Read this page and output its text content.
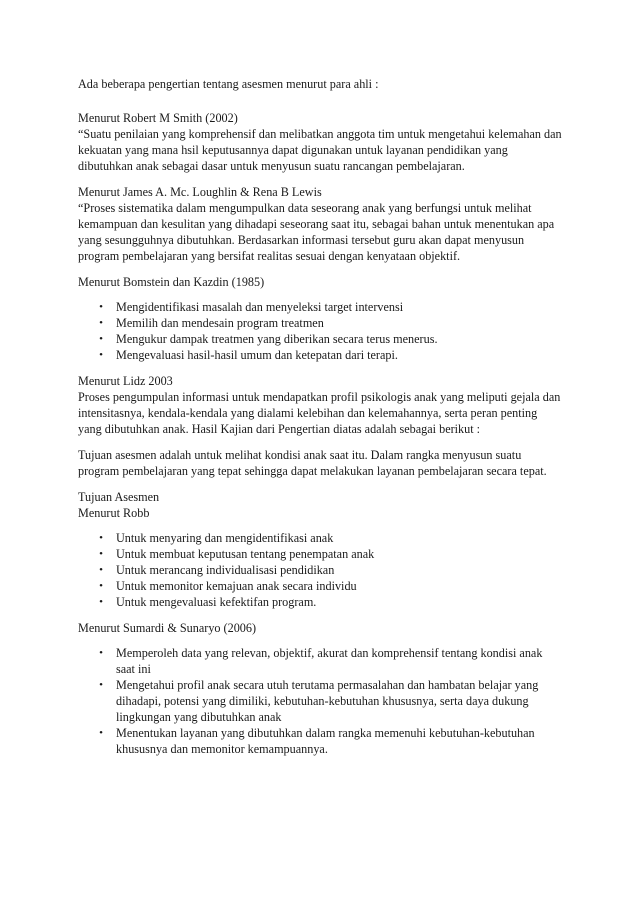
Ada beberapa pengertian tentang asesmen menurut para ahli :

Menurut Robert M Smith (2002)

“Suatu penilaian yang komprehensif dan melibatkan anggota tim untuk mengetahui kelemahan dan kekuatan yang mana hsil keputusannya dapat digunakan untuk layanan pendidikan yang dibutuhkan anak sebagai dasar untuk menyusun suatu rancangan pembelajaran.

Menurut James A. Mc. Loughlin & Rena B Lewis

“Proses sistematika dalam mengumpulkan data seseorang anak yang berfungsi untuk melihat kemampuan dan kesulitan yang dihadapi seseorang saat itu, sebagai bahan untuk menentukan apa yang sesungguhnya dibutuhkan. Berdasarkan informasi tersebut guru akan dapat menyusun program pembelajaran yang bersifat realitas sesuai dengan kenyataan objektif.

Menurut Bomstein dan Kazdin (1985)
• Mengidentifikasi masalah dan menyeleksi target intervensi
• Memilih dan mendesain program treatmen
• Mengukur dampak treatmen yang diberikan secara terus menerus.
• Mengevaluasi hasil-hasil umum dan ketepatan dari terapi.
Menurut Lidz 2003

Proses pengumpulan informasi untuk mendapatkan profil psikologis anak yang meliputi gejala dan intensitasnya, kendala-kendala yang dialami kelebihan dan kelemahannya, serta peran penting yang dibutuhkan anak. Hasil Kajian dari Pengertian diatas adalah sebagai berikut :

Tujuan asesmen adalah untuk melihat kondisi anak saat itu. Dalam rangka menyusun suatu program pembelajaran yang tepat sehingga dapat melakukan layanan pembelajaran secara tepat.

Tujuan Asesmen
Menurut Robb
• Untuk menyaring dan mengidentifikasi anak
• Untuk membuat keputusan tentang penempatan anak
• Untuk merancang individualisasi pendidikan
• Untuk memonitor kemajuan anak secara individu
• Untuk mengevaluasi kefektifan program.
Menurut Sumardi & Sunaryo (2006)
• Memperoleh data yang relevan, objektif, akurat dan komprehensif tentang kondisi anak saat ini
• Mengetahui profil anak secara utuh terutama permasalahan dan hambatan belajar yang dihadapi, potensi yang dimiliki, kebutuhan-kebutuhan khususnya, serta daya dukung lingkungan yang dibutuhkan anak
• Menentukan layanan yang dibutuhkan dalam rangka memenuhi kebutuhan-kebutuhan khususnya dan memonitor kemampuannya.
